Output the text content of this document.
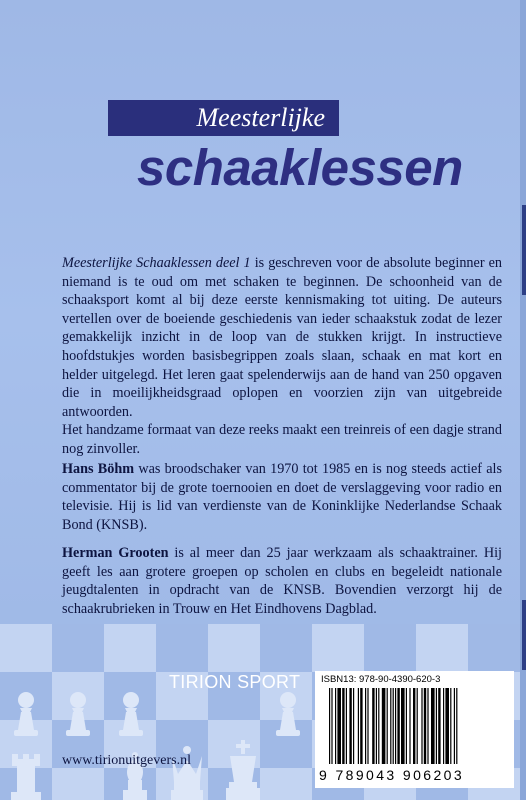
Meesterlijke
schaaklessen
Meesterlijke Schaaklessen deel 1 is geschreven voor de absolute beginner en niemand is te oud om met schaken te beginnen. De schoonheid van de schaaksport komt al bij deze eerste kennismaking tot uiting. De auteurs vertellen over de boeiende geschiedenis van ieder schaakstuk zodat de lezer gemakkelijk inzicht in de loop van de stukken krijgt. In instructieve hoofdstukjes worden basisbegrippen zoals slaan, schaak en mat kort en helder uitgelegd. Het leren gaat spelenderwijs aan de hand van 250 opgaven die in moeilijkheidsgraad oplopen en voorzien zijn van uitgebreide antwoorden.
Het handzame formaat van deze reeks maakt een treinreis of een dagje strand nog zinvoller.
Hans Böhm was broodschaker van 1970 tot 1985 en is nog steeds actief als commentator bij de grote toernooien en doet de verslaggeving voor radio en televisie. Hij is lid van verdienste van de Koninklijke Nederlandse Schaak Bond (KNSB).
Herman Grooten is al meer dan 25 jaar werkzaam als schaaktrainer. Hij geeft les aan grotere groepen op scholen en clubs en begeleidt nationale jeugdtalenten in opdracht van de KNSB. Bovendien verzorgt hij de schaakrubrieken in Trouw en Het Eindhovens Dagblad.
TIRION SPORT
www.tirionuitgevers.nl
ISBN13: 978-90-4390-620-3
9 789043 906203
